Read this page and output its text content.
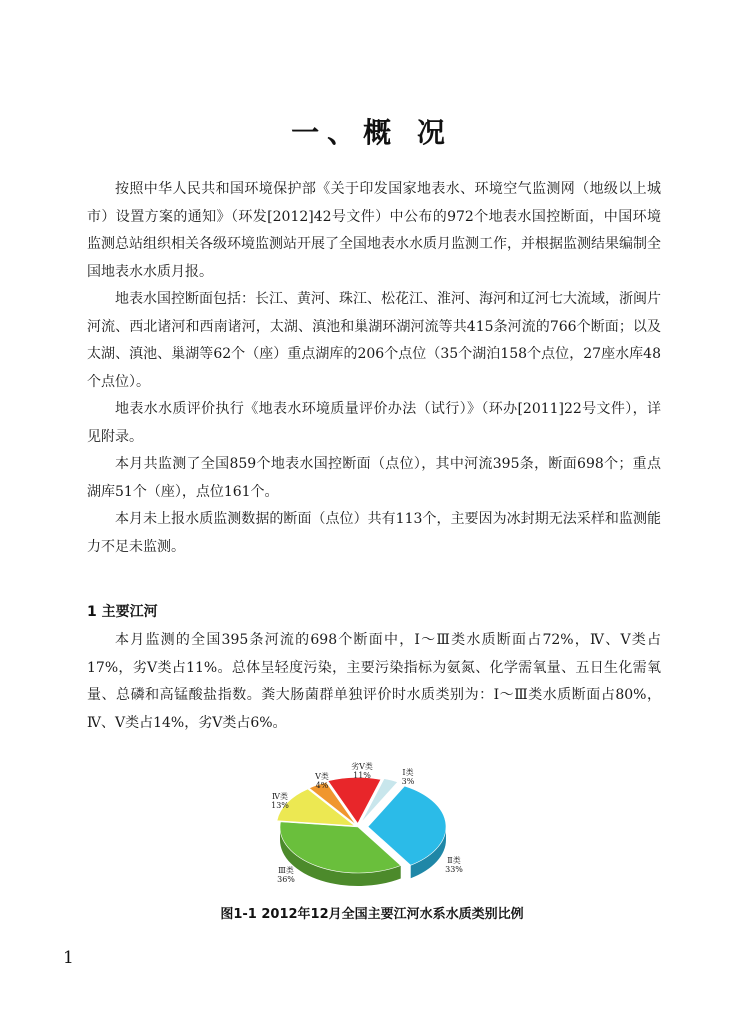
一、概 况

按照中华人民共和国环境保护部《关于印发国家地表水、环境空气监测网（地级以上城市）设置方案的通知》（环发[2012]42号文件）中公布的972个地表水国控断面，中国环境监测总站组织相关各级环境监测站开展了全国地表水水质月监测工作，并根据监测结果编制全国地表水水质月报。

地表水国控断面包括：长江、黄河、珠江、松花江、淮河、海河和辽河七大流域，浙闽片河流、西北诸河和西南诸河，太湖、滇池和巢湖环湖河流等共415条河流的766个断面；以及太湖、滇池、巢湖等62个（座）重点湖库的206个点位（35个湖泊158个点位，27座水库48个点位）。

地表水水质评价执行《地表水环境质量评价办法（试行）》（环办[2011]22号文件），详见附录。

本月共监测了全国859个地表水国控断面（点位），其中河流395条，断面698个；重点湖库51个（座），点位161个。

本月未上报水质监测数据的断面（点位）共有113个，主要因为冰封期无法采样和监测能力不足未监测。

1 主要江河

本月监测的全国395条河流的698个断面中，Ⅰ～Ⅲ类水质断面占72%，Ⅳ、Ⅴ类占17%，劣Ⅴ类占11%。总体呈轻度污染，主要污染指标为氨氮、化学需氧量、五日生化需氧量、总磷和高锰酸盐指数。粪大肠菌群单独评价时水质类别为：Ⅰ～Ⅲ类水质断面占80%，Ⅳ、Ⅴ类占14%，劣Ⅴ类占6%。

Ⅰ类
3%
Ⅱ类
33%
Ⅲ类
36%
Ⅳ类
13%
Ⅴ类
4%
劣Ⅴ类
11%
图1-1 2012年12月全国主要江河水系水质类别比例
1
